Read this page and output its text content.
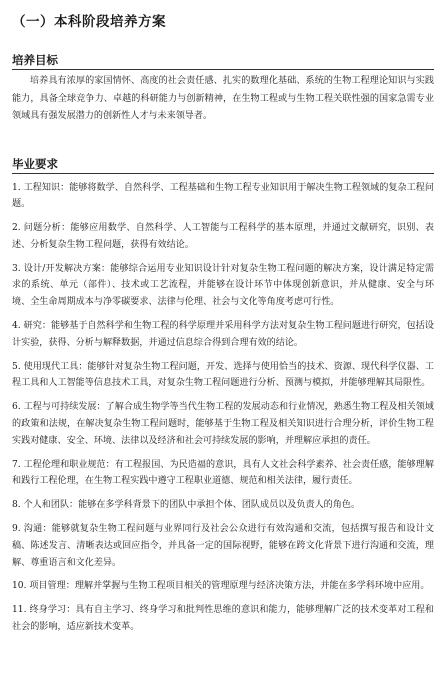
（一）本科阶段培养方案
培养目标

培养具有浓厚的家国情怀、高度的社会责任感、扎实的数理化基础、系统的生物工程理论知识与实践能力，具备全球竞争力、卓越的科研能力与创新精神，在生物工程或与生物工程关联性强的国家急需专业领域具有强发展潜力的创新性人才与未来领导者。

毕业要求

1. 工程知识：能够将数学、自然科学、工程基础和生物工程专业知识用于解决生物工程领域的复杂工程问题。

2. 问题分析：能够应用数学、自然科学、人工智能与工程科学的基本原理，并通过文献研究，识别、表述、分析复杂生物工程问题，获得有效结论。

3. 设计/开发解决方案：能够综合运用专业知识设计针对复杂生物工程问题的解决方案，设计满足特定需求的系统、单元（部件）、技术或工艺流程，并能够在设计环节中体现创新意识，并从健康、安全与环境、全生命周期成本与净零碳要求、法律与伦理、社会与文化等角度考虑可行性。

4. 研究：能够基于自然科学和生物工程的科学原理并采用科学方法对复杂生物工程问题进行研究，包括设计实验，获得、分析与解释数据，并通过信息综合得到合理有效的结论。

5. 使用现代工具：能够针对复杂生物工程问题，开发、选择与使用恰当的技术、资源、现代科学仪器、工程工具和人工智能等信息技术工具，对复杂生物工程问题进行分析、预测与模拟，并能够理解其局限性。

6. 工程与可持续发展：了解合成生物学等当代生物工程的发展动态和行业情况，熟悉生物工程及相关领域的政策和法规，在解决复杂生物工程问题时，能够基于生物工程及相关知识进行合理分析，评价生物工程实践对健康、安全、环境、法律以及经济和社会可持续发展的影响，并理解应承担的责任。

7. 工程伦理和职业规范：有工程报国、为民造福的意识，具有人文社会科学素养、社会责任感，能够理解和践行工程伦理，在生物工程实践中遵守工程职业道德、规范和相关法律，履行责任。

8. 个人和团队：能够在多学科背景下的团队中承担个体、团队成员以及负责人的角色。

9. 沟通：能够就复杂生物工程问题与业界同行及社会公众进行有效沟通和交流，包括撰写报告和设计文稿、陈述发言、清晰表达或回应指令，并具备一定的国际视野，能够在跨文化背景下进行沟通和交流，理解、尊重语言和文化差异。

10. 项目管理：理解并掌握与生物工程项目相关的管理原理与经济决策方法，并能在多学科环境中应用。

11. 终身学习：具有自主学习、终身学习和批判性思维的意识和能力，能够理解广泛的技术变革对工程和社会的影响，适应新技术变革。
